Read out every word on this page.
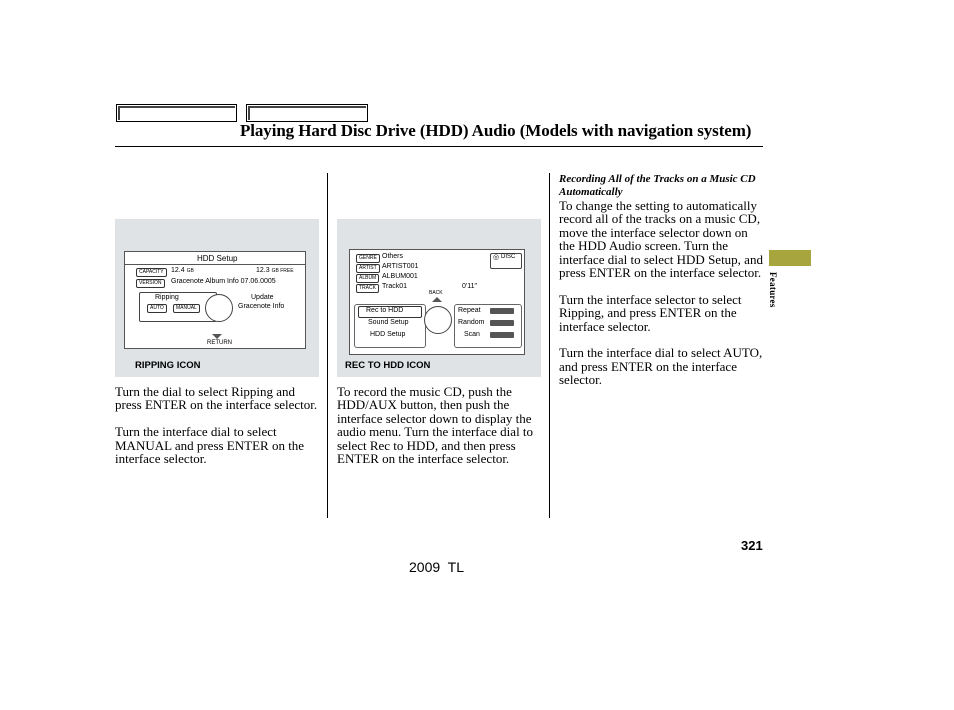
Playing Hard Disc Drive (HDD) Audio (Models with navigation system)
HDD Setup
CAPACITY	12.4 GB	12.3 GB FREE
VERSION	Gracenote Album Info 07.06.0005
Ripping
AUTO	MANUAL
Update
Gracenote Info
RETURN
RIPPING ICON

Turn the dial to select Ripping and press ENTER on the interface selector.

Turn the interface dial to select MANUAL and press ENTER on the interface selector.

GENRE Others
ARTIST ARTIST001
ALBUM ALBUM001
TRACK Track01	0'11"
◎ DISC
BACK
Rec to HDD
Sound Setup
HDD Setup
Repeat
Random
Scan
REC TO HDD ICON

To record the music CD, push the HDD/AUX button, then push the interface selector down to display the audio menu. Turn the interface dial to select Rec to HDD, and then press ENTER on the interface selector.

Recording All of the Tracks on a Music CD Automatically

To change the setting to automatically record all of the tracks on a music CD, move the interface selector down on the HDD Audio screen. Turn the interface dial to select HDD Setup, and press ENTER on the interface selector.

Turn the interface selector to select Ripping, and press ENTER on the interface selector.

Turn the interface dial to select AUTO, and press ENTER on the interface selector.

Features
321
2009  TL
